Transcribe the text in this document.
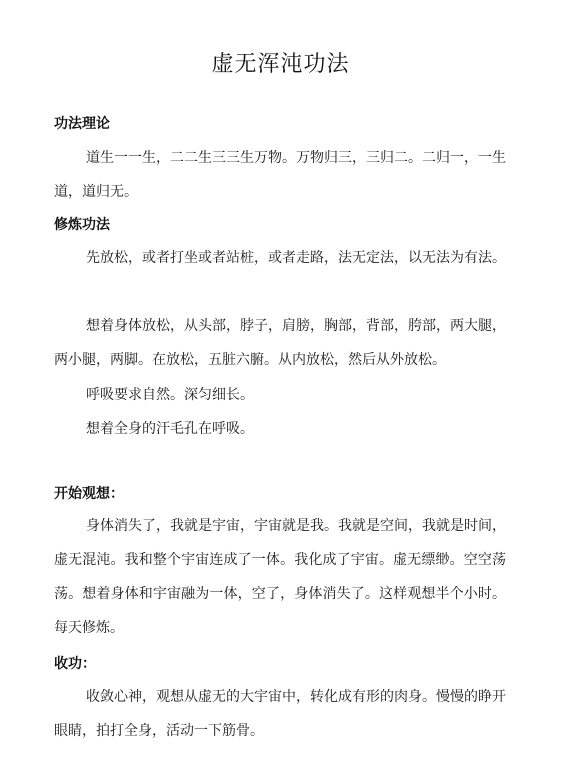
虚无浑沌功法
功法理论

道生一一生，二二生三三生万物。万物归三，三归二。二归一，一生道，道归无。

修炼功法

先放松，或者打坐或者站桩，或者走路，法无定法，以无法为有法。

想着身体放松，从头部，脖子，肩膀，胸部，背部，胯部，两大腿，两小腿，两脚。在放松，五脏六腑。从内放松，然后从外放松。

呼吸要求自然。深匀细长。

想着全身的汗毛孔在呼吸。

开始观想：

身体消失了，我就是宇宙，宇宙就是我。我就是空间，我就是时间，虚无混沌。我和整个宇宙连成了一体。我化成了宇宙。虚无缥缈。空空荡荡。想着身体和宇宙融为一体，空了，身体消失了。这样观想半个小时。每天修炼。

收功：

收敛心神，观想从虚无的大宇宙中，转化成有形的肉身。慢慢的睁开眼睛，拍打全身，活动一下筋骨。
